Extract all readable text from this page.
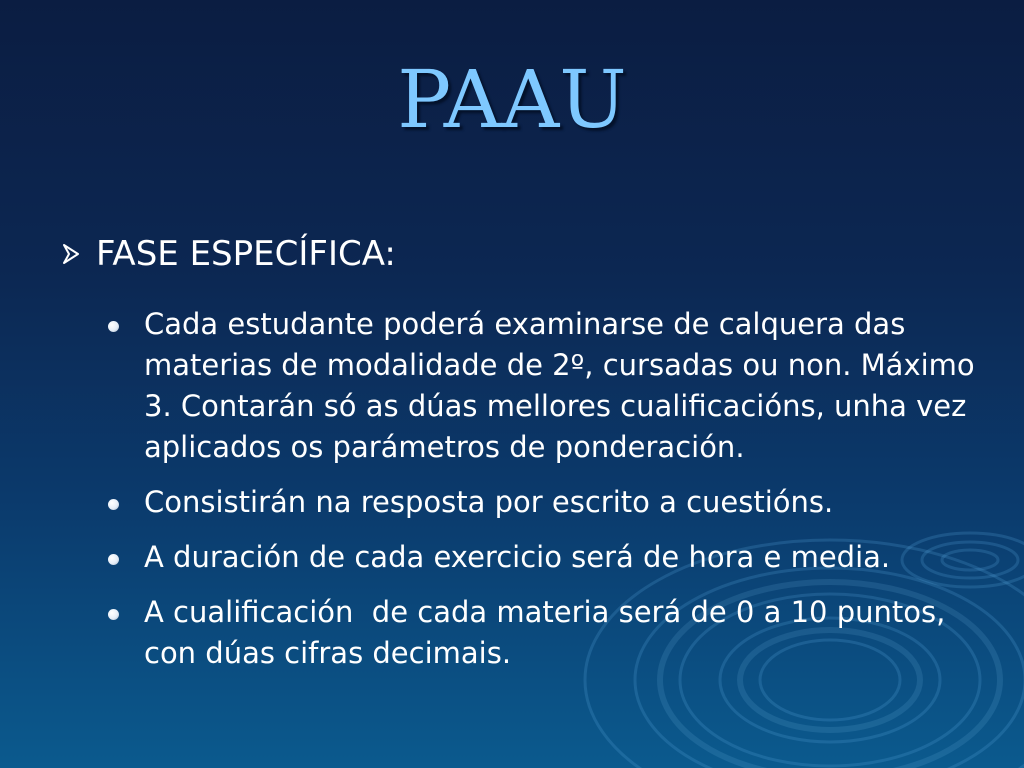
PAAU
FASE ESPECÍFICA:
Cada estudante poderá examinarse de calquera das materias de modalidade de 2º, cursadas ou non. Máximo 3. Contarán só as dúas mellores cualificacións, unha vez aplicados os parámetros de ponderación.
Consistirán na resposta por escrito a cuestións.
A duración de cada exercicio será de hora e media.
A cualificación  de cada materia será de 0 a 10 puntos, con dúas cifras decimais.
